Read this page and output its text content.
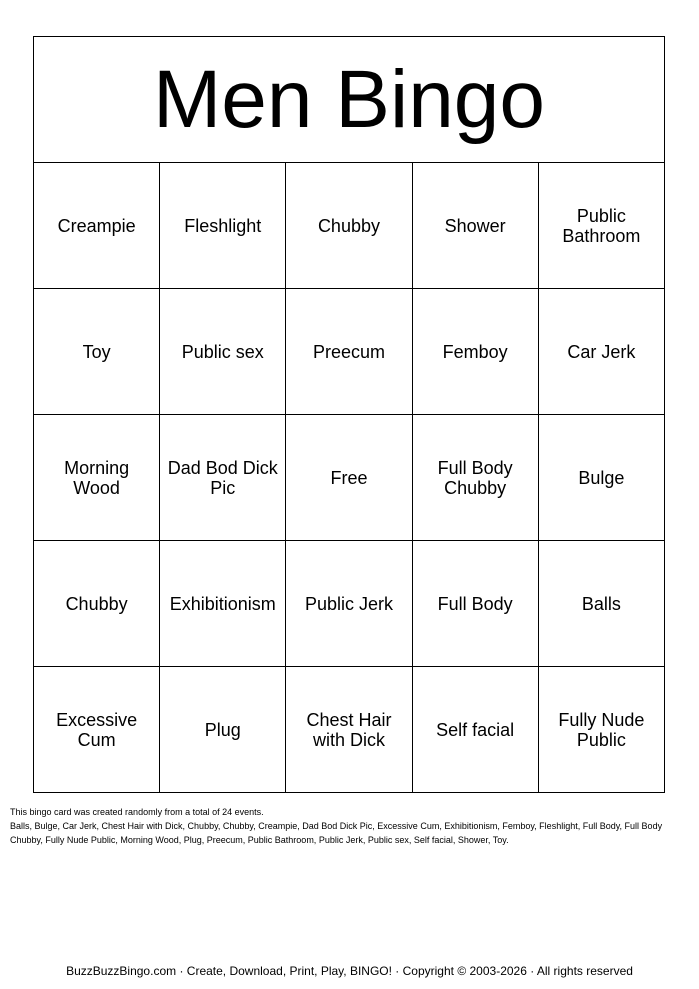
Men Bingo				
Creampie	Fleshlight	Chubby	Shower	Public Bathroom
Toy	Public sex	Preecum	Femboy	Car Jerk
Morning Wood	Dad Bod Dick Pic	Free	Full Body Chubby	Bulge
Chubby	Exhibitionism	Public Jerk	Full Body	Balls
Excessive Cum	Plug	Chest Hair with Dick	Self facial	Fully Nude Public
This bingo card was created randomly from a total of 24 events.
Balls, Bulge, Car Jerk, Chest Hair with Dick, Chubby, Chubby, Creampie, Dad Bod Dick Pic, Excessive Cum, Exhibitionism, Femboy, Fleshlight, Full Body, Full Body Chubby, Fully Nude Public, Morning Wood, Plug, Preecum, Public Bathroom, Public Jerk, Public sex, Self facial, Shower, Toy.
BuzzBuzzBingo.com · Create, Download, Print, Play, BINGO! · Copyright © 2003-2026 · All rights reserved
